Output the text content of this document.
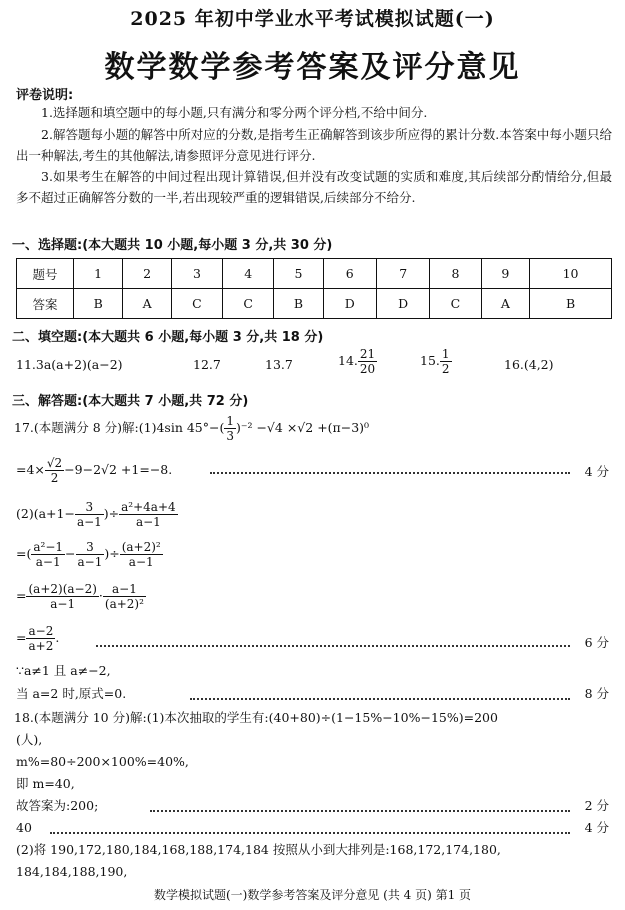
2025 年初中学业水平考试模拟试题(一)
数学数学参考答案及评分意见
评卷说明:
1.选择题和填空题中的每小题,只有满分和零分两个评分档,不给中间分.
2.解答题每小题的解答中所对应的分数,是指考生正确解答到该步所应得的累计分数.本答案中每小题只给出一种解法,考生的其他解法,请参照评分意见进行评分.
3.如果考生在解答的中间过程出现计算错误,但并没有改变试题的实质和难度,其后续部分酌情给分,但最多不超过正确解答分数的一半,若出现较严重的逻辑错误,后续部分不给分.
一、选择题:(本大题共 10 小题,每小题 3 分,共 30 分)
题号	1	2	3	4	5	6	7	8	9	10
答案	B	A	C	C	B	D	D	C	A	B
二、填空题:(本大题共 6 小题,每小题 3 分,共 18 分)
11.3a(a+2)(a−2)	12.7	13.7	14. $\frac{21}{20}$	15. $\frac{1}{2}$	16.(4,2)
三、解答题:(本大题共 7 小题,共 72 分)
17.(本题满分 8 分)解:(1)4sin $45^\circ-( \frac{1}{3} )^{-2} -√4 \times√2 +(\pi-3)^0$
$=4\times \frac{√2}{2} -9-2√2 +1=-8$.	4 分
$(2)(a+1- \frac{3}{a-1}$ )÷ $\frac{\text{a²+4a+4}}{a-1}$
=( $\frac{\text{a²−1}}{a-1} - \frac{3}{a-1}$ )÷ $\frac{\text{(a+2)²}}{a-1}$
= $\frac{(a+2)(a-2)}{a-1} \cdot \frac{a-1}{\text{(a+2)²}}$
= $\frac{a-2}{a+2}$ .	6 分
∵a≠1 且 a≠−2,
当 a=2 时,原式=0.	8 分
18.(本题满分 10 分)解:(1)本次抽取的学生有:(40+80)÷(1−15%−10%−15%)=200
(人),
m%=80÷200×100%=40%,
即 m=40,
故答案为:200;	2 分
40	4 分
(2)将 190,172,180,184,168,188,174,184 按照从小到大排列是:168,172,174,180,
184,184,188,190,
数学模拟试题(一)数学参考答案及评分意见 (共 4 页) 第1 页
